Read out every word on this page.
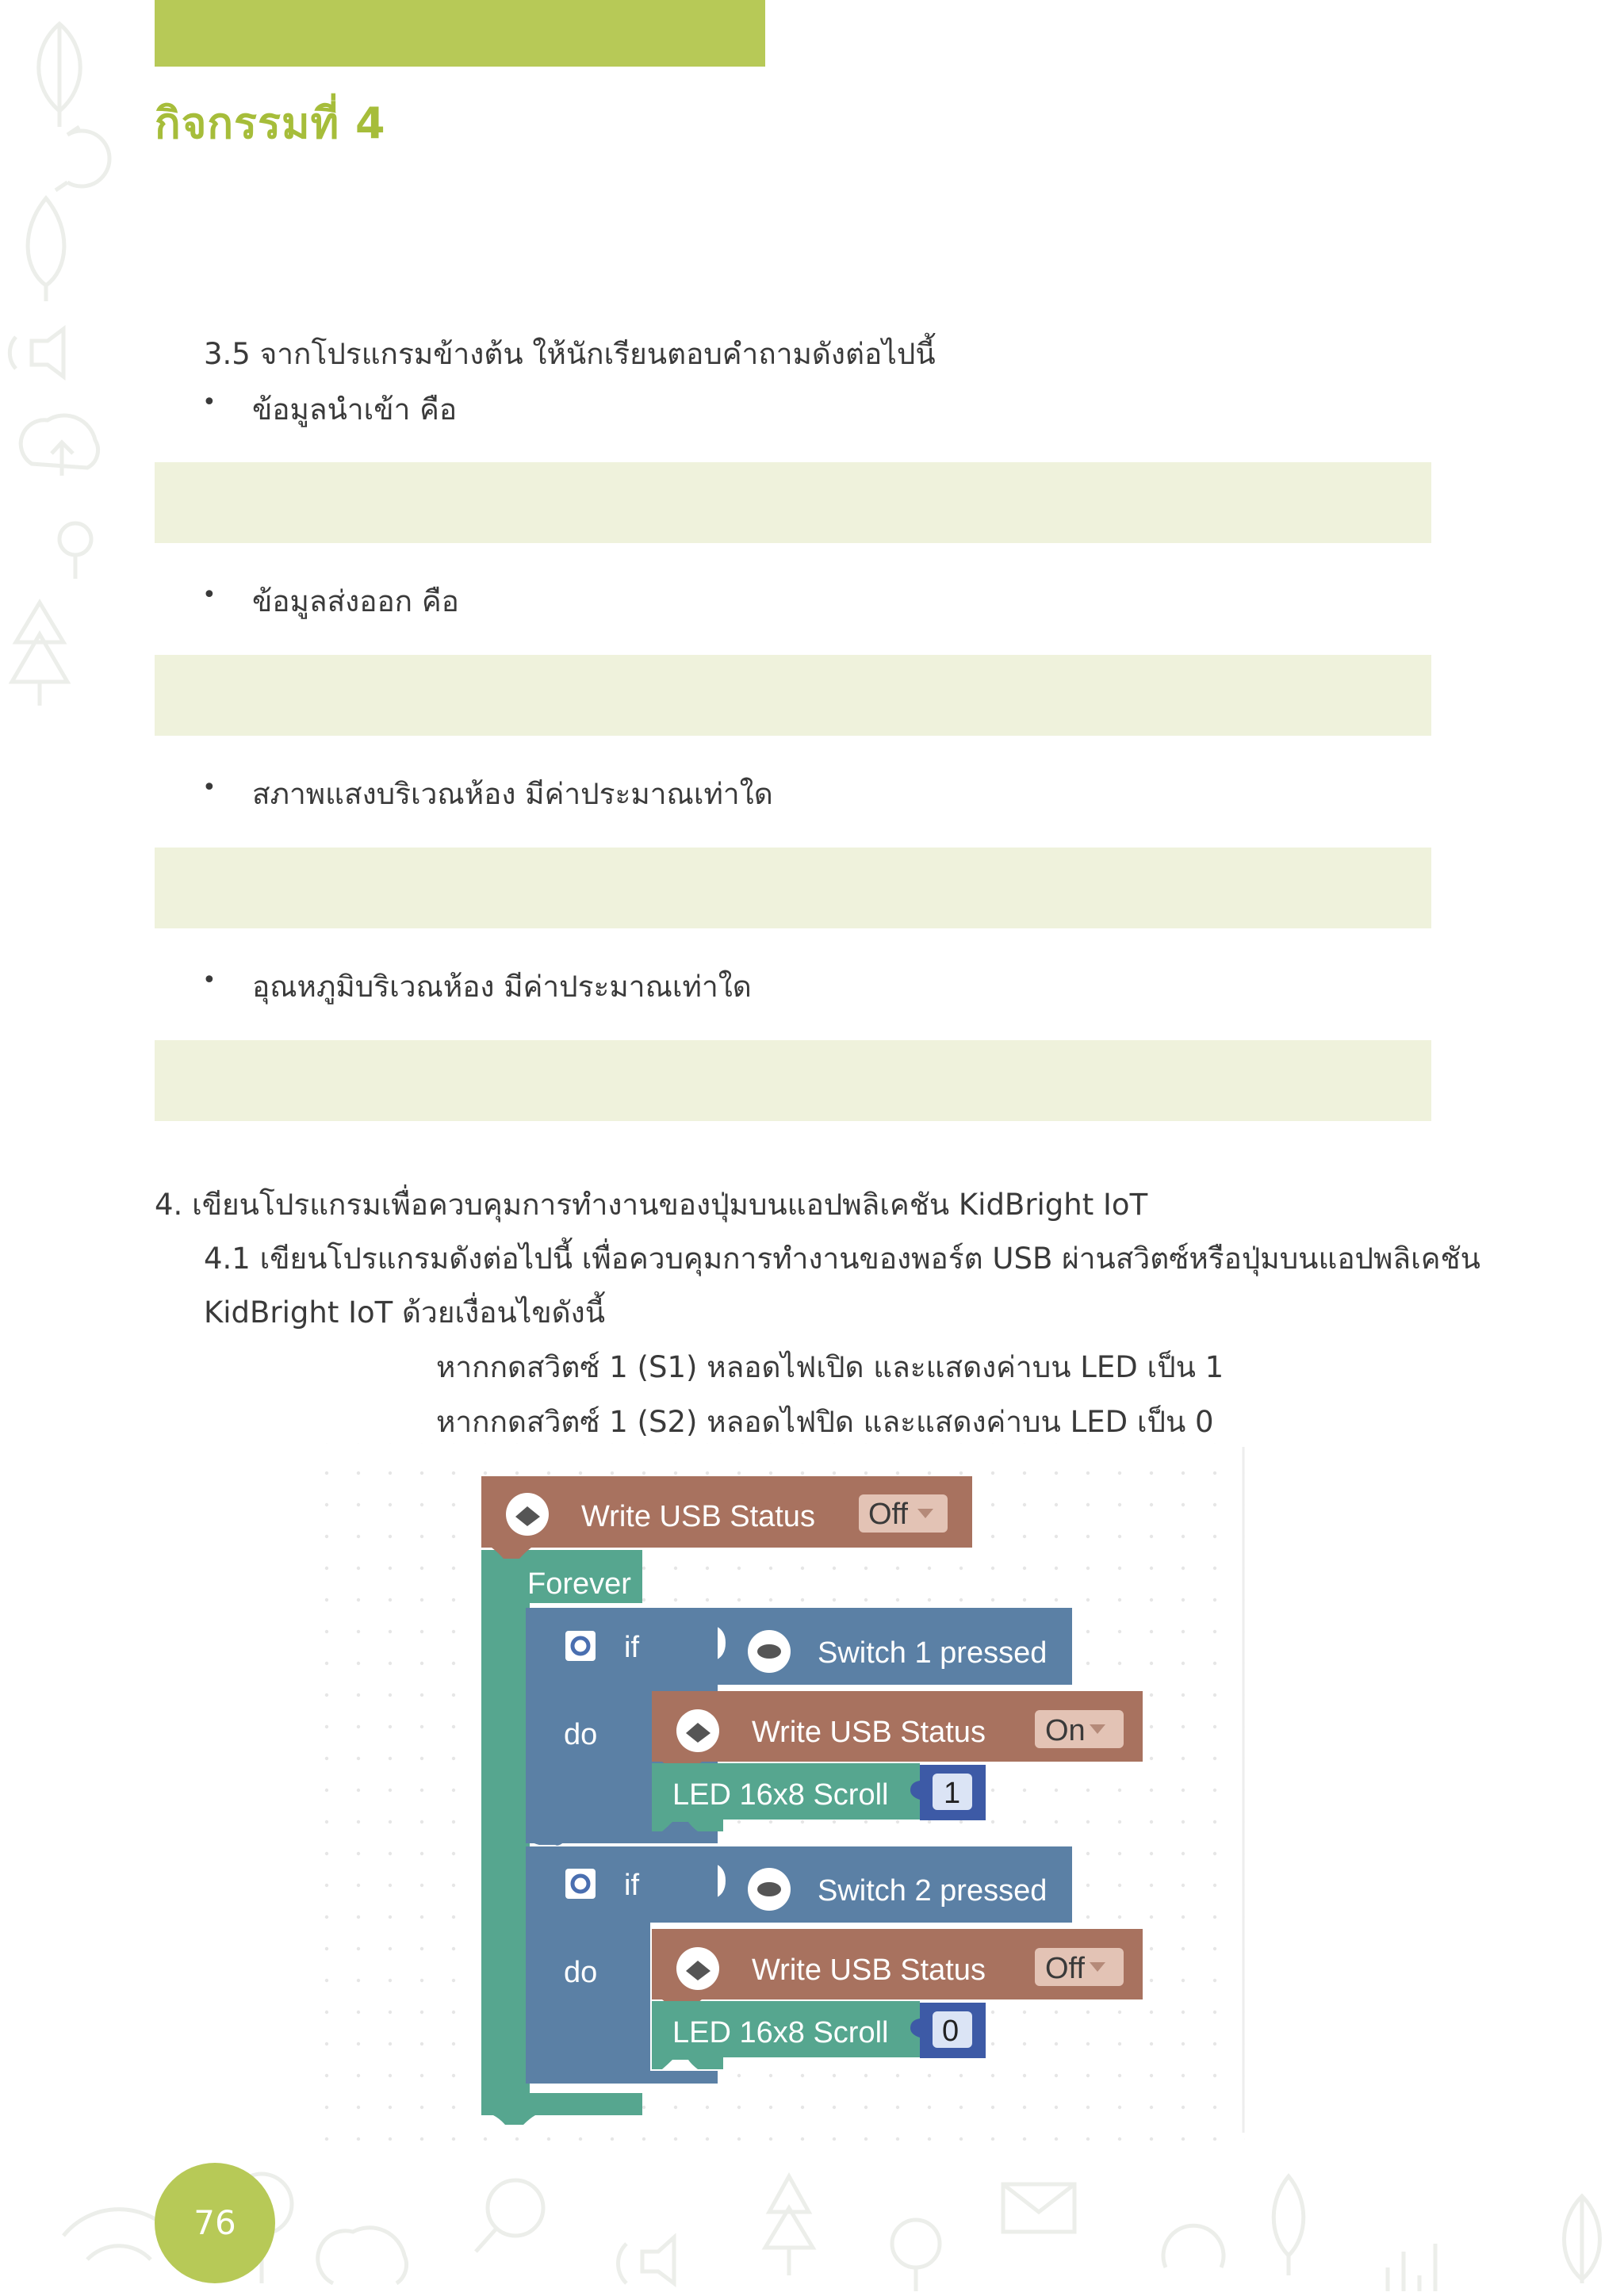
กิจกรรมที่ 4
3.5 จากโปรแกรมข้างต้น ให้นักเรียนตอบคำถามดังต่อไปนี้
• ข้อมูลนำเข้า คือ
• ข้อมูลส่งออก คือ
• สภาพแสงบริเวณห้อง มีค่าประมาณเท่าใด
• อุณหภูมิบริเวณห้อง มีค่าประมาณเท่าใด
4. เขียนโปรแกรมเพื่อควบคุมการทำงานของปุ่มบนแอปพลิเคชัน KidBright IoT
4.1 เขียนโปรแกรมดังต่อไปนี้ เพื่อควบคุมการทำงานของพอร์ต USB ผ่านสวิตซ์หรือปุ่มบนแอปพลิเคชัน
KidBright IoT ด้วยเงื่อนไขดังนี้
หากกดสวิตซ์ 1 (S1) หลอดไฟเปิด และแสดงค่าบน LED เป็น 1
หากกดสวิตซ์ 1 (S2) หลอดไฟปิด และแสดงค่าบน LED เป็น 0
Forever
Write USB Status Off
if
do
Switch 1 pressed
Write USB Status On
LED 16x8 Scroll 1
if
do
Switch 2 pressed
Write USB Status Off
LED 16x8 Scroll 0
76
